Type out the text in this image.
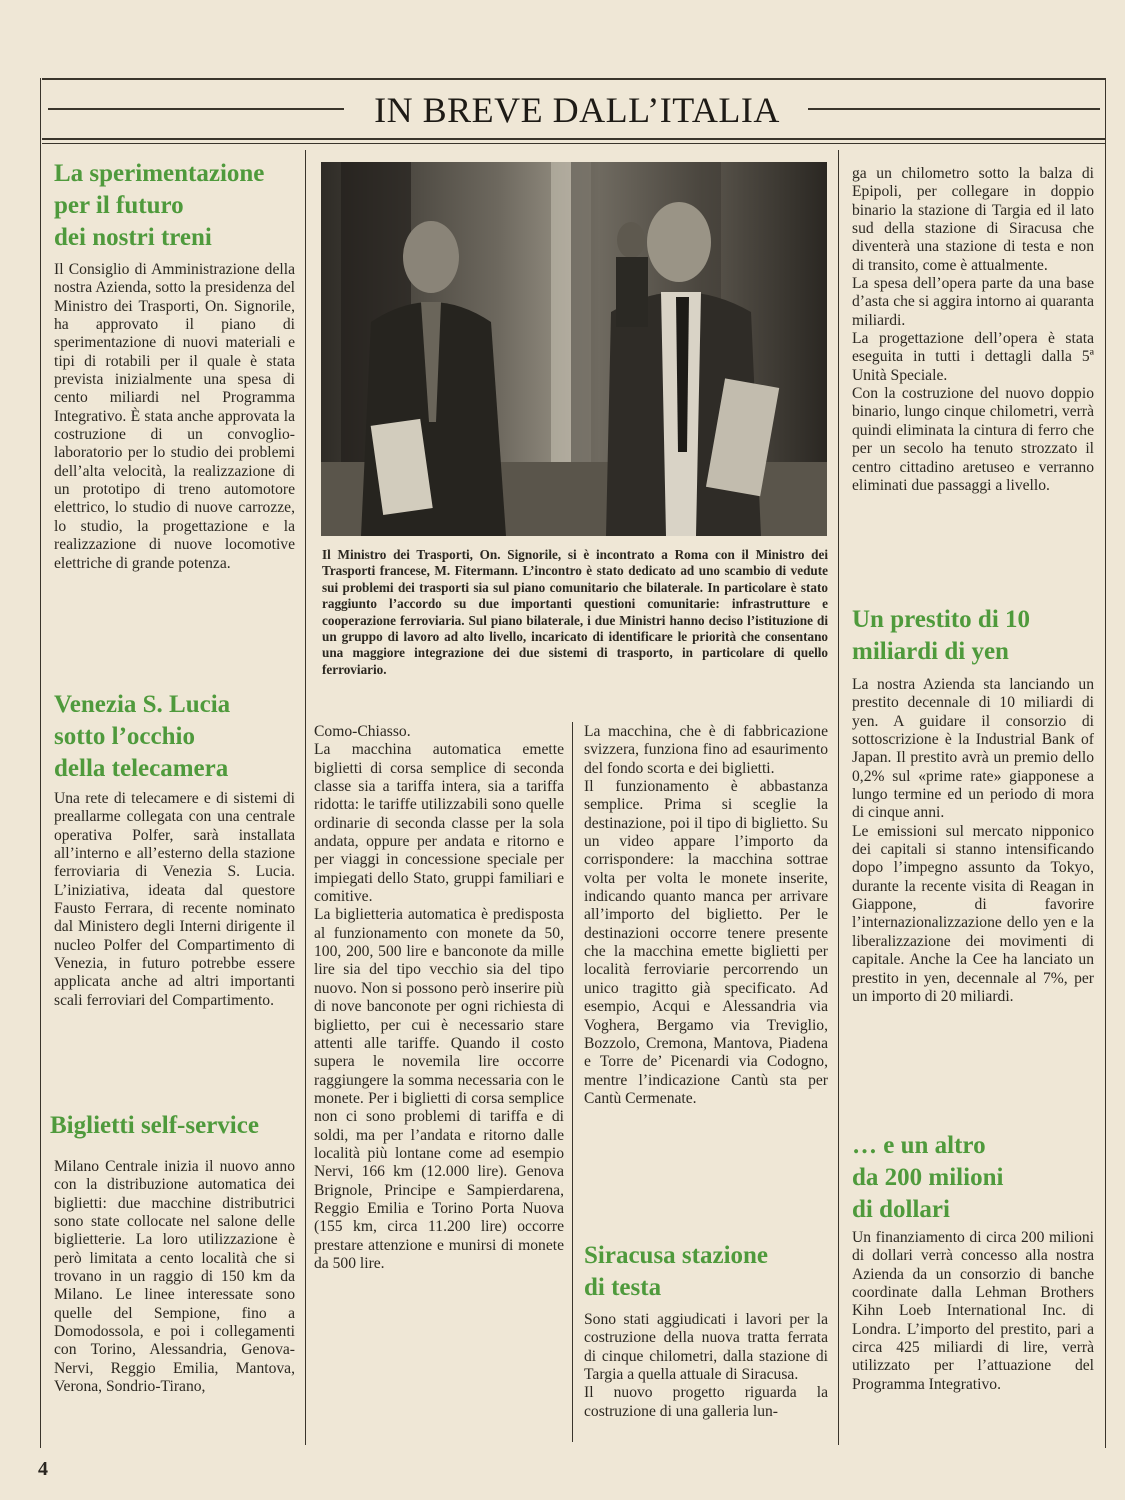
IN BREVE DALL’ITALIA
La sperimentazione
per il futuro
dei nostri treni

Il Consiglio di Amministrazione della nostra Azienda, sotto la presidenza del Ministro dei Trasporti, On. Signorile, ha approvato il piano di sperimentazione di nuovi materiali e tipi di rotabili per il quale è stata prevista inizialmente una spesa di cento miliardi nel Programma Integrativo. È stata anche approvata la costruzione di un convoglio-laboratorio per lo studio dei problemi dell’alta velocità, la realizzazione di un prototipo di treno automotore elettrico, lo studio di nuove carrozze, lo studio, la progettazione e la realizzazione di nuove locomotive elettriche di grande potenza.

Venezia S. Lucia
sotto l’occhio
della telecamera

Una rete di telecamere e di sistemi di preallarme collegata con una centrale operativa Polfer, sarà installata all’interno e all’esterno della stazione ferroviaria di Venezia S. Lucia. L’iniziativa, ideata dal questore Fausto Ferrara, di recente nominato dal Ministero degli Interni dirigente il nucleo Polfer del Compartimento di Venezia, in futuro potrebbe essere applicata anche ad altri importanti scali ferroviari del Compartimento.

Biglietti self-service

Milano Centrale inizia il nuovo anno con la distribuzione automatica dei biglietti: due macchine distributrici sono state collocate nel salone delle biglietterie. La loro utilizzazione è però limitata a cento località che si trovano in un raggio di 150 km da Milano. Le linee interessate sono quelle del Sempione, fino a Domodossola, e poi i collegamenti con Torino, Alessandria, Genova-Nervi, Reggio Emilia, Mantova, Verona, Sondrio-Tirano,

Il Ministro dei Trasporti, On. Signorile, si è incontrato a Roma con il Ministro dei Trasporti francese, M. Fitermann. L’incontro è stato dedicato ad uno scambio di vedute sui problemi dei trasporti sia sul piano comunitario che bilaterale. In particolare è stato raggiunto l’accordo su due importanti questioni comunitarie: infrastrutture e cooperazione ferroviaria. Sul piano bilaterale, i due Ministri hanno deciso l’istituzione di un gruppo di lavoro ad alto livello, incaricato di identificare le priorità che consentano una maggiore integrazione dei due sistemi di trasporto, in particolare di quello ferroviario.

Como-Chiasso.

La macchina automatica emette biglietti di corsa semplice di seconda classe sia a tariffa intera, sia a tariffa ridotta: le tariffe utilizzabili sono quelle ordinarie di seconda classe per la sola andata, oppure per andata e ritorno e per viaggi in concessione speciale per impiegati dello Stato, gruppi familiari e comitive.

La biglietteria automatica è predisposta al funzionamento con monete da 50, 100, 200, 500 lire e banconote da mille lire sia del tipo vecchio sia del tipo nuovo. Non si possono però inserire più di nove banconote per ogni richiesta di biglietto, per cui è necessario stare attenti alle tariffe. Quando il costo supera le novemila lire occorre raggiungere la somma necessaria con le monete. Per i biglietti di corsa semplice non ci sono problemi di tariffa e di soldi, ma per l’andata e ritorno dalle località più lontane come ad esempio Nervi, 166 km (12.000 lire). Genova Brignole, Principe e Sampierdarena, Reggio Emilia e Torino Porta Nuova (155 km, circa 11.200 lire) occorre prestare attenzione e munirsi di monete da 500 lire.

La macchina, che è di fabbricazione svizzera, funziona fino ad esaurimento del fondo scorta e dei biglietti.

Il funzionamento è abbastanza semplice. Prima si sceglie la destinazione, poi il tipo di biglietto. Su un video appare l’importo da corrispondere: la macchina sottrae volta per volta le monete inserite, indicando quanto manca per arrivare all’importo del biglietto. Per le destinazioni occorre tenere presente che la macchina emette biglietti per località ferroviarie percorrendo un unico tragitto già specificato. Ad esempio, Acqui e Alessandria via Voghera, Bergamo via Treviglio, Bozzolo, Cremona, Mantova, Piadena e Torre de’ Picenardi via Codogno, mentre l’indicazione Cantù sta per Cantù Cermenate.

Siracusa stazione
di testa

Sono stati aggiudicati i lavori per la costruzione della nuova tratta ferrata di cinque chilometri, dalla stazione di Targia a quella attuale di Siracusa.

Il nuovo progetto riguarda la costruzione di una galleria lun-

ga un chilometro sotto la balza di Epipoli, per collegare in doppio binario la stazione di Targia ed il lato sud della stazione di Siracusa che diventerà una stazione di testa e non di transito, come è attualmente.

La spesa dell’opera parte da una base d’asta che si aggira intorno ai quaranta miliardi.

La progettazione dell’opera è stata eseguita in tutti i dettagli dalla 5ª Unità Speciale.

Con la costruzione del nuovo doppio binario, lungo cinque chilometri, verrà quindi eliminata la cintura di ferro che per un secolo ha tenuto strozzato il centro cittadino aretuseo e verranno eliminati due passaggi a livello.

Un prestito di 10
miliardi di yen

La nostra Azienda sta lanciando un prestito decennale di 10 miliardi di yen. A guidare il consorzio di sottoscrizione è la Industrial Bank of Japan. Il prestito avrà un premio dello 0,2% sul «prime rate» giapponese a lungo termine ed un periodo di mora di cinque anni.

Le emissioni sul mercato nipponico dei capitali si stanno intensificando dopo l’impegno assunto da Tokyo, durante la recente visita di Reagan in Giappone, di favorire l’internazionalizzazione dello yen e la liberalizzazione dei movimenti di capitale. Anche la Cee ha lanciato un prestito in yen, decennale al 7%, per un importo di 20 miliardi.

… e un altro
da 200 milioni
di dollari

Un finanziamento di circa 200 milioni di dollari verrà concesso alla nostra Azienda da un consorzio di banche coordinate dalla Lehman Brothers Kihn Loeb International Inc. di Londra. L’importo del prestito, pari a circa 425 miliardi di lire, verrà utilizzato per l’attuazione del Programma Integrativo.

4
